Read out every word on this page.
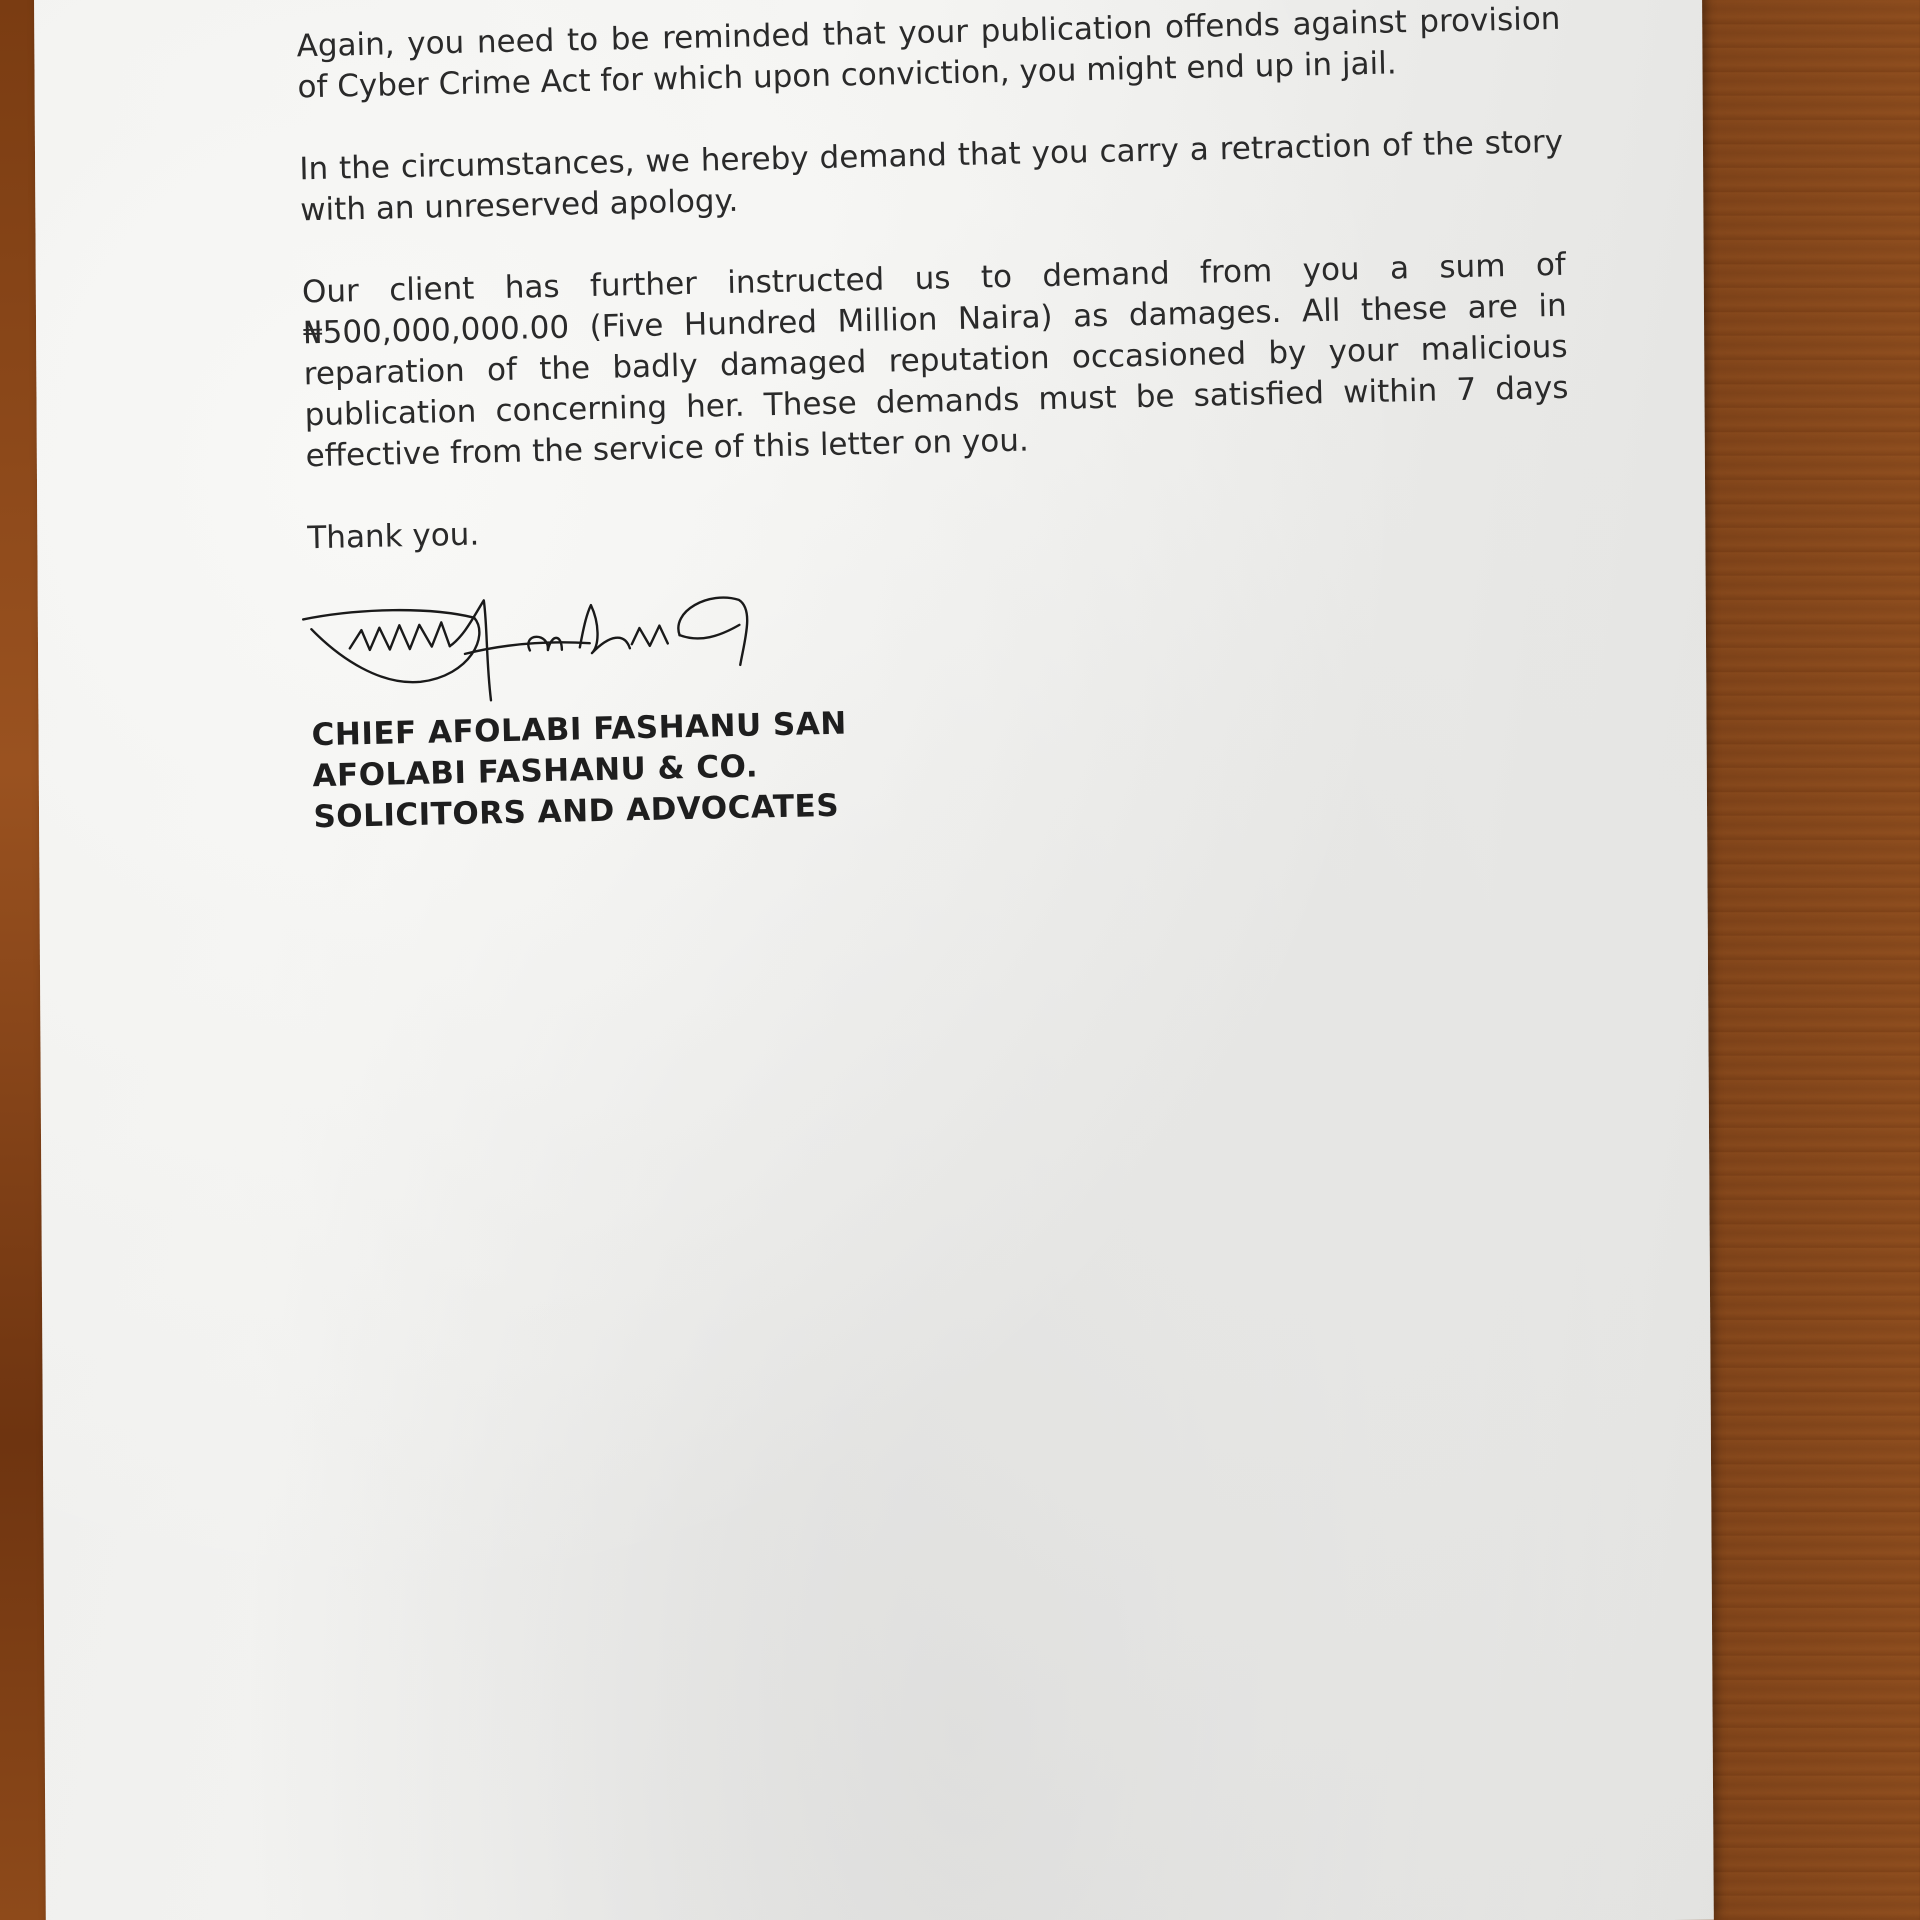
Again, you need to be reminded that your publication offends against provision of Cyber Crime Act for which upon conviction, you might end up in jail.

In the circumstances, we hereby demand that you carry a retraction of the story with an unreserved apology.

Our client has further instructed us to demand from you a sum of ₦500,000,000.00 (Five Hundred Million Naira) as damages. All these are in reparation of the badly damaged reputation occasioned by your malicious publication concerning her. These demands must be satisfied within 7 days effective from the service of this letter on you.

Thank you.

CHIEF AFOLABI FASHANU SAN
AFOLABI FASHANU & CO.
SOLICITORS AND ADVOCATES
